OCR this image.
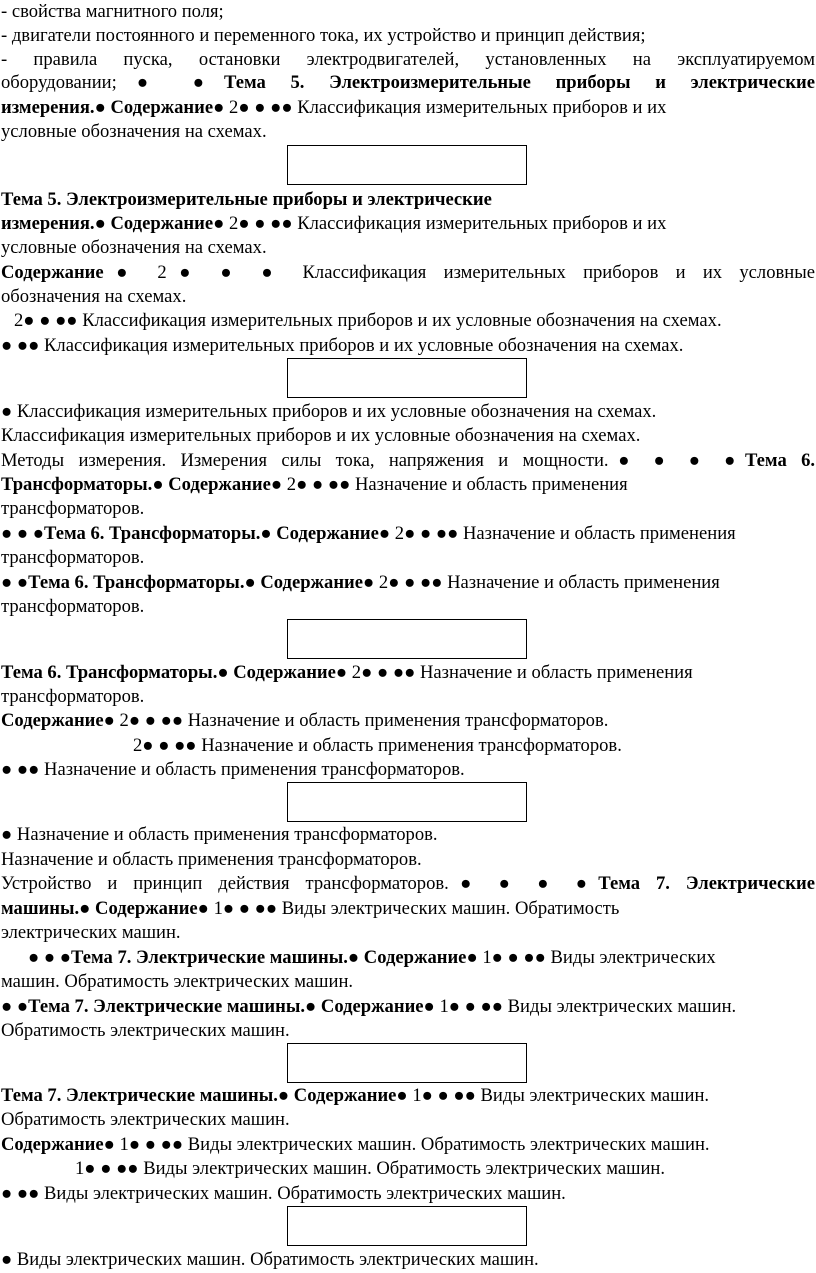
- свойства магнитного поля;
- двигатели постоянного и переменного тока, их устройство и принцип действия;
- правила пуска, остановки электродвигателей, установленных на эксплуатируемом
оборудовании;● ●Тема 5. Электроизмерительные приборы и электрические
измерения.● Содержание● 2● ● ●● Классификация измерительных приборов и их
условные обозначения на схемах.
Тема 5. Электроизмерительные приборы и электрические
измерения.● Содержание● 2● ● ●● Классификация измерительных приборов и их
условные обозначения на схемах.
Содержание● 2● ● ● Классификация измерительных приборов и их условные
обозначения на схемах.
2● ● ●● Классификация измерительных приборов и их условные обозначения на схемах.
● ●● Классификация измерительных приборов и их условные обозначения на схемах.
● Классификация измерительных приборов и их условные обозначения на схемах.
Классификация измерительных приборов и их условные обозначения на схемах.
Методы измерения. Измерения силы тока, напряжения и мощности.● ● ● ●Тема 6.
Трансформаторы.● Содержание● 2● ● ●● Назначение и область применения
трансформаторов.
● ● ●Тема 6. Трансформаторы.● Содержание● 2● ● ●● Назначение и область применения
трансформаторов.
● ●Тема 6. Трансформаторы.● Содержание● 2● ● ●● Назначение и область применения
трансформаторов.
Тема 6. Трансформаторы.● Содержание● 2● ● ●● Назначение и область применения
трансформаторов.
Содержание● 2● ● ●● Назначение и область применения трансформаторов.
2● ● ●● Назначение и область применения трансформаторов.
● ●● Назначение и область применения трансформаторов.
● Назначение и область применения трансформаторов.
Назначение и область применения трансформаторов.
Устройство и принцип действия трансформаторов.● ● ● ●Тема 7. Электрические
машины.● Содержание● 1● ● ●● Виды электрических машин. Обратимость
электрических машин.
● ● ●Тема 7. Электрические машины.● Содержание● 1● ● ●● Виды электрических
машин. Обратимость электрических машин.
● ●Тема 7. Электрические машины.● Содержание● 1● ● ●● Виды электрических машин.
Обратимость электрических машин.
Тема 7. Электрические машины.● Содержание● 1● ● ●● Виды электрических машин.
Обратимость электрических машин.
Содержание● 1● ● ●● Виды электрических машин. Обратимость электрических машин.
1● ● ●● Виды электрических машин. Обратимость электрических машин.
● ●● Виды электрических машин. Обратимость электрических машин.
● Виды электрических машин. Обратимость электрических машин.
